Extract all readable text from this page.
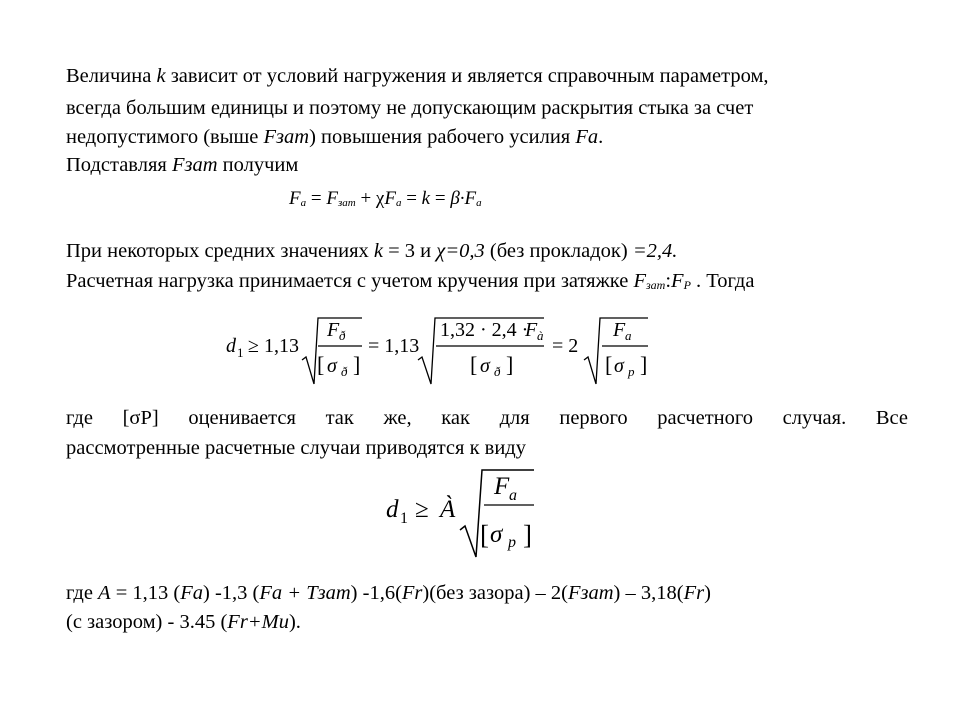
Величина k зависит от условий нагружения и является справочным параметром,
всегда большим единицы и поэтому не допускающим раскрытия стыка за счет
недопустимого (выше Fзат) повышения рабочего усилия Fa.
Подставляя Fзат получим
Fa = Fзат + χFa = k = β·Fa
При некоторых средних значениях k = 3 и χ=0,3 (без прокладок) =2,4.
Расчетная нагрузка принимается с учетом кручения при затяжке Fзат:FP . Тогда
d 1 ≥ 1,13
F ð
[ σ ð ]
= 1,13
1,32 · 2,4 ·
F à
[ σ ð ]
= 2
F a
[ σ p ]
где [σP] оценивается так же, как для первого расчетного случая. Все
рассмотренные расчетные случаи приводятся к виду
d 1 ≥ À
F a
[ σ p ]
где A = 1,13 (Fa) -1,3 (Fa + Tзат) -1,6(Fr)(без зазора) – 2(Fзат) – 3,18(Fr)
(с зазором) - 3.45 (Fr+Mu).
